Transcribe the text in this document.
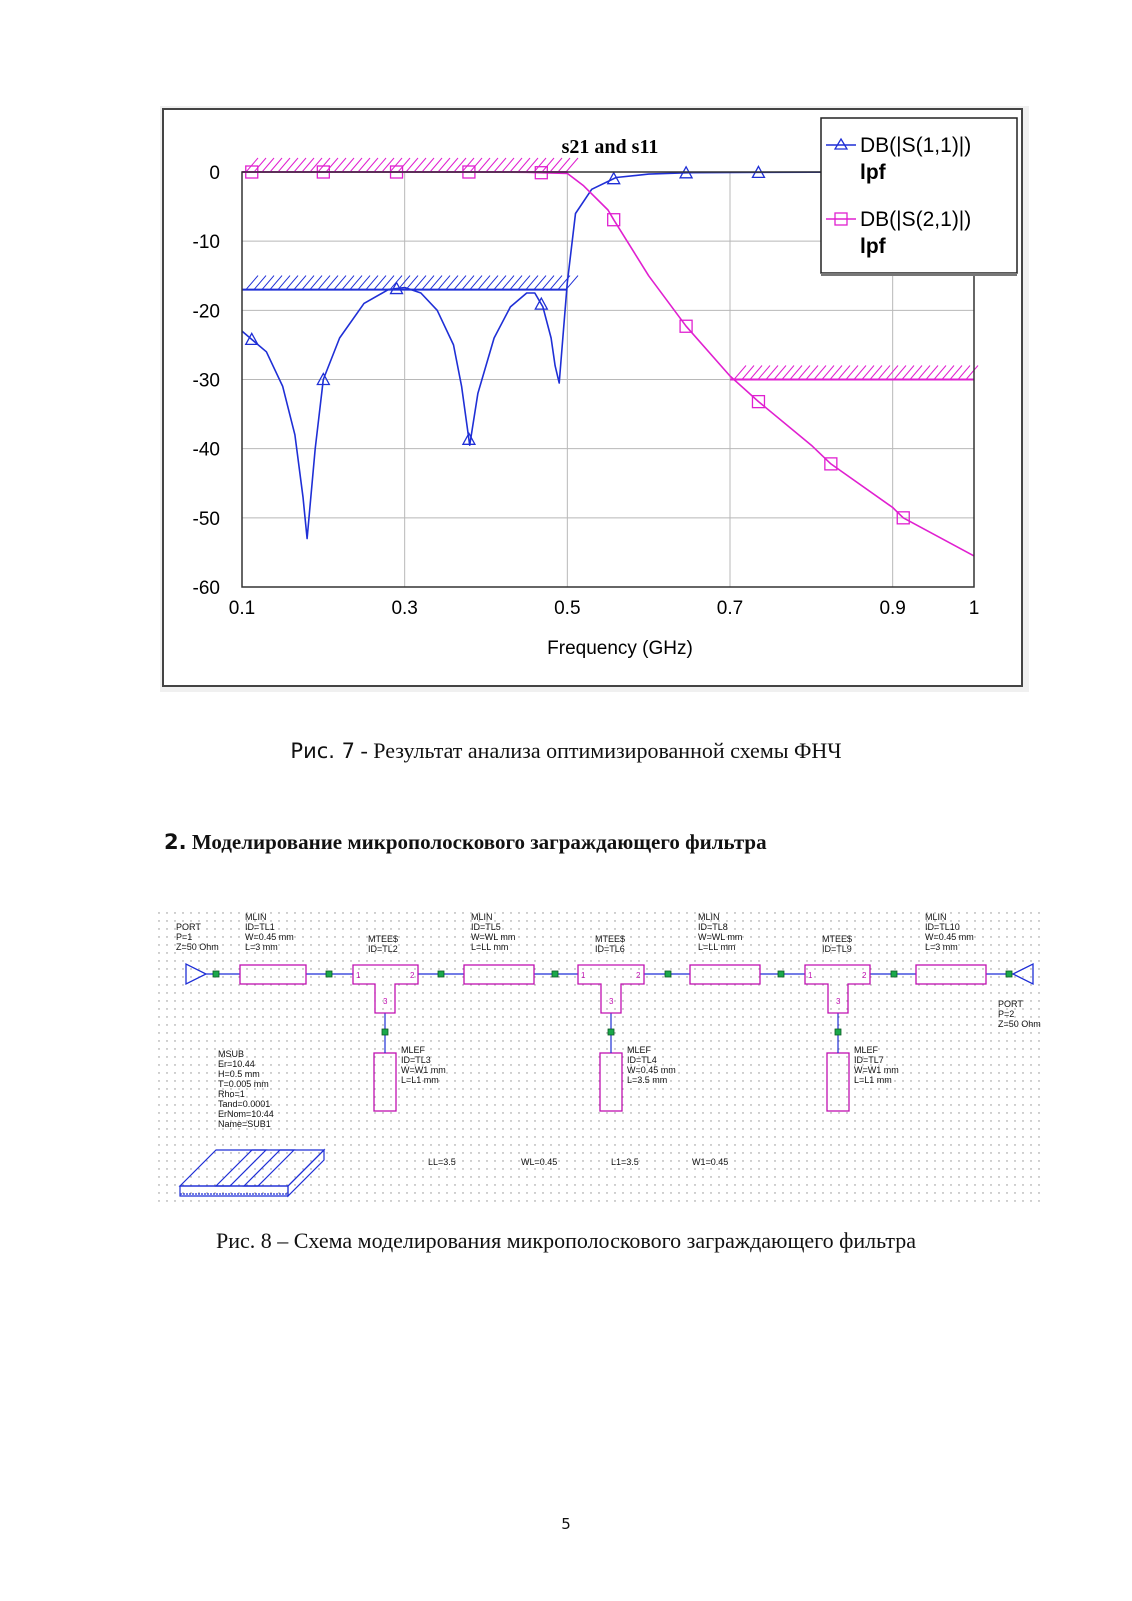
0.1	0.3	0.5	0.7	0.9	1
0
-10
-20
-30
-40
-50
-60
s21 and s11
Frequency (GHz)
DB(|S(1,1)|)
lpf
DB(|S(2,1)|)
lpf
Рис. 7 - Результат анализа оптимизированной схемы ФНЧ
2. Моделирование микрополоскового заграждающего фильтра
1	2
3
1	2
3
1	2
3
PORT P=1 Z=50 Ohm
MLIN ID=TL1 W=0.45 mm L=3 mm
MTEE$ ID=TL2
MLIN ID=TL5 W=WL mm L=LL mm
MTEE$ ID=TL6
MLIN ID=TL8 W=WL mm L=LL mm
MTEE$ ID=TL9
MLIN ID=TL10 W=0.45 mm L=3 mm
PORT P=2 Z=50 Ohm
MLEF ID=TL3 W=W1 mm L=L1 mm
MLEF ID=TL4 W=0.45 mm L=3.5 mm
MLEF ID=TL7 W=W1 mm L=L1 mm
MSUB Er=10.44 H=0.5 mm T=0.005 mm Rho=1 Tand=0.0001 ErNom=10.44 Name=SUB1
LL=3.5	WL=0.45	L1=3.5	W1=0.45
Рис. 8 – Схема моделирования микрополоскового заграждающего фильтра
5
